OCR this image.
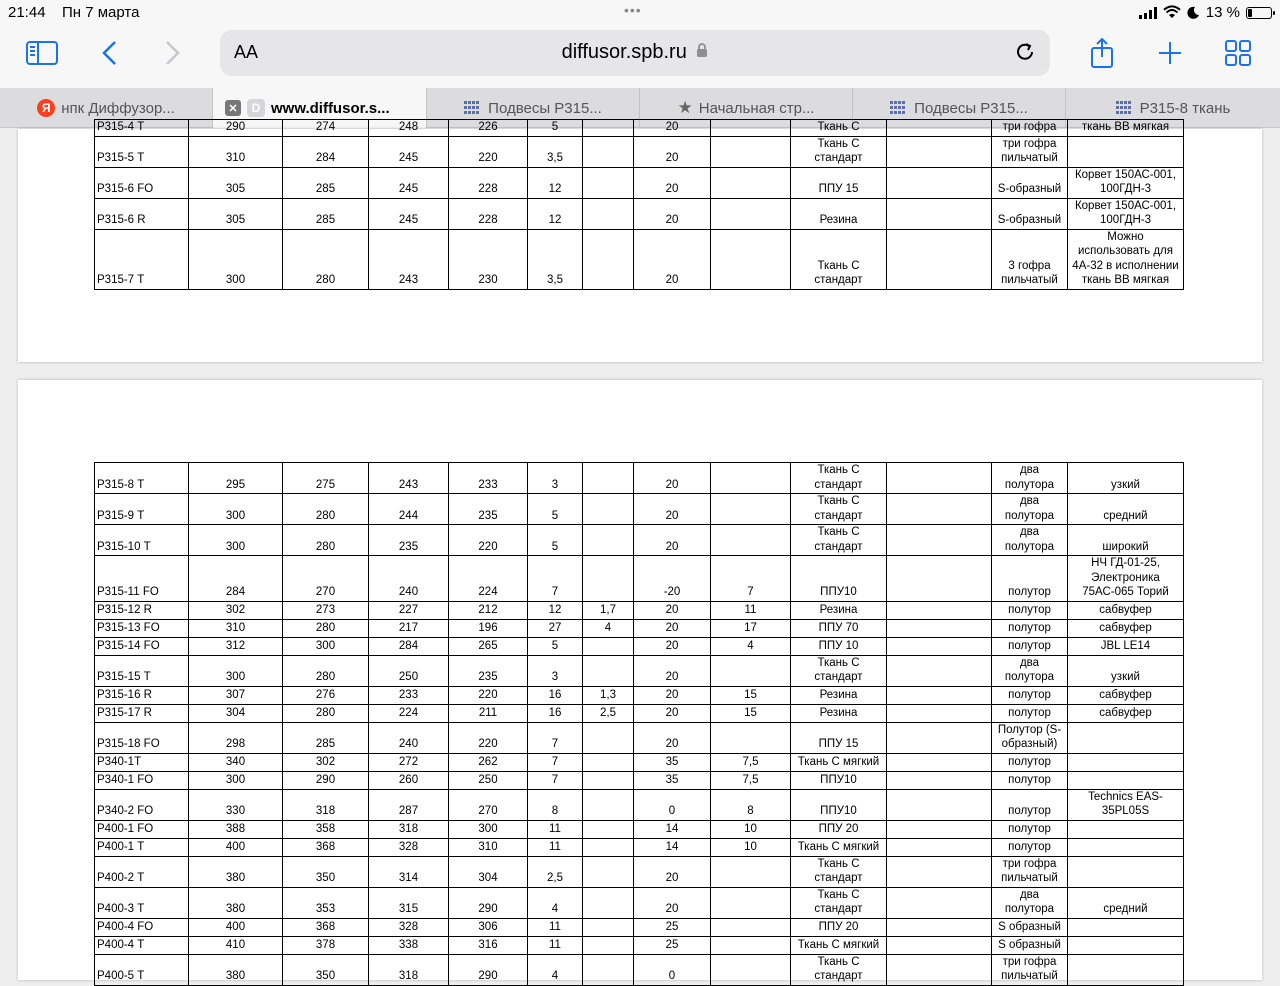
21:44 Пн 7 марта	•••	13 %
AA	diffusor.spb.ru
Я нпк Диффузор...	✕	D www.diffusor.s...	Подвесы Р315...	★ Начальная стр...	Подвесы Р315...	Р315-8 ткань
Р315-4 Т	290	274	248	226	5		20		Ткань С		три гофра	ткань ВВ мягкая
Р315-5 Т	310	284	245	220	3,5		20		Ткань С стандарт		три гофра пильчатый	
Р315-6 FO	305	285	245	228	12		20		ППУ 15		S-образный	Корвет 150АС-001, 100ГДН-3
Р315-6 R	305	285	245	228	12		20		Резина		S-образный	Корвет 150АС-001, 100ГДН-3
Р315-7 Т	300	280	243	230	3,5		20		Ткань С стандарт		3 гофра пильчатый	Можно использовать для 4А-32 в исполнении ткань ВВ мягкая
Р315-8 Т	295	275	243	233	3		20		Ткань С стандарт		два полутора	узкий
Р315-9 Т	300	280	244	235	5		20		Ткань С стандарт		два полутора	средний
Р315-10 Т	300	280	235	220	5		20		Ткань С стандарт		два полутора	широкий
Р315-11 FO	284	270	240	224	7		-20	7	ППУ10		полутор	НЧ ГД-01-25, Электроника 75АС-065 Торий
Р315-12 R	302	273	227	212	12	1,7	20	11	Резина		полутор	сабвуфер
Р315-13 FO	310	280	217	196	27	4	20	17	ППУ 70		полутор	сабвуфер
Р315-14 FO	312	300	284	265	5		20	4	ППУ 10		полутор	JBL LE14
Р315-15 Т	300	280	250	235	3		20		Ткань С стандарт		два полутора	узкий
Р315-16 R	307	276	233	220	16	1,3	20	15	Резина		полутор	сабвуфер
Р315-17 R	304	280	224	211	16	2,5	20	15	Резина		полутор	сабвуфер
Р315-18 FO	298	285	240	220	7		20		ППУ 15		Полутор (S-образный)	
Р340-1Т	340	302	272	262	7		35	7,5	Ткань С мягкий		полутор	
Р340-1 FO	300	290	260	250	7		35	7,5	ППУ10		полутор	
Р340-2 FO	330	318	287	270	8		0	8	ППУ10		полутор	Technics EAS-35PL05S
Р400-1 FO	388	358	318	300	11		14	10	ППУ 20		полутор	
Р400-1 Т	400	368	328	310	11		14	10	Ткань С мягкий		полутор	
Р400-2 Т	380	350	314	304	2,5		20		Ткань С стандарт		три гофра пильчатый	
Р400-3 Т	380	353	315	290	4		20		Ткань С стандарт		два полутора	средний
Р400-4 FO	400	368	328	306	11		25		ППУ 20		S образный	
Р400-4 Т	410	378	338	316	11		25		Ткань С мягкий		S образный	
Р400-5 Т	380	350	318	290	4		0		Ткань С стандарт		три гофра пильчатый	
